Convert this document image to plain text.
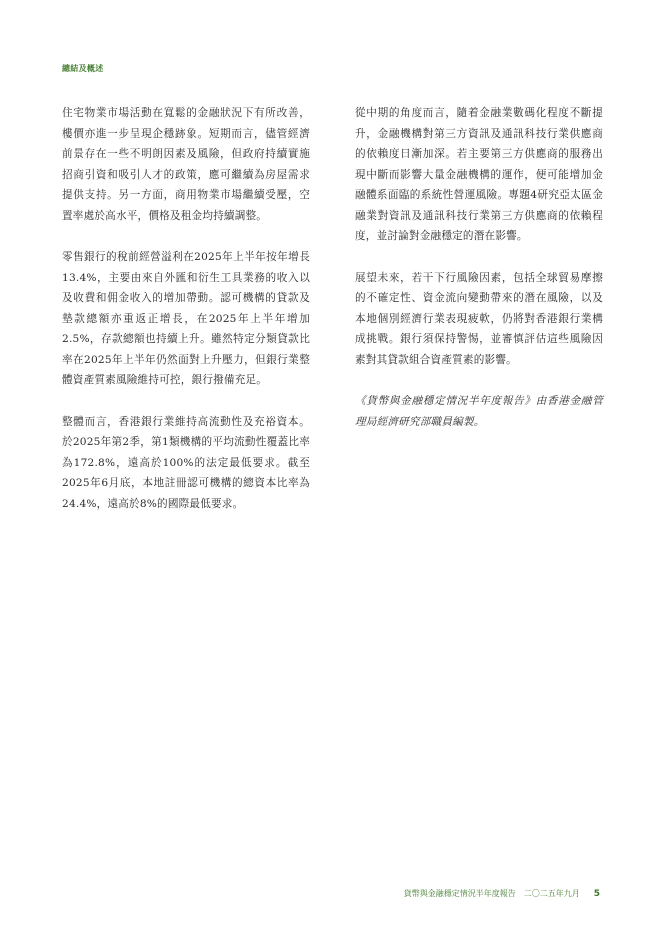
總結及概述

住宅物業市場活動在寬鬆的金融狀況下有所改善，樓價亦進一步呈現企穩跡象。短期而言，儘管經濟前景存在一些不明朗因素及風險，但政府持續實施招商引資和吸引人才的政策，應可繼續為房屋需求提供支持。另一方面，商用物業市場繼續受壓，空置率處於高水平，價格及租金均持續調整。

零售銀行的稅前經營溢利在2025年上半年按年增長13.4%，主要由來自外匯和衍生工具業務的收入以及收費和佣金收入的增加帶動。認可機構的貸款及墊款總額亦重返正增長，在2025年上半年增加2.5%，存款總額也持續上升。雖然特定分類貸款比率在2025年上半年仍然面對上升壓力，但銀行業整體資產質素風險維持可控，銀行撥備充足。

整體而言，香港銀行業維持高流動性及充裕資本。於2025年第2季，第1類機構的平均流動性覆蓋比率為172.8%，遠高於100%的法定最低要求。截至2025年6月底，本地註冊認可機構的總資本比率為24.4%，遠高於8%的國際最低要求。

從中期的角度而言，隨着金融業數碼化程度不斷提升，金融機構對第三方資訊及通訊科技行業供應商的依賴度日漸加深。若主要第三方供應商的服務出現中斷而影響大量金融機構的運作，便可能增加金融體系面臨的系統性營運風險。專題4研究亞太區金融業對資訊及通訊科技行業第三方供應商的依賴程度，並討論對金融穩定的潛在影響。

展望未來，若干下行風險因素，包括全球貿易摩擦的不確定性、資金流向變動帶來的潛在風險，以及本地個別經濟行業表現疲軟，仍將對香港銀行業構成挑戰。銀行須保持警惕，並審慎評估這些風險因素對其貸款組合資產質素的影響。

《貨幣與金融穩定情況半年度報告》由香港金融管理局經濟研究部職員編製。

貨幣與金融穩定情況半年度報告 二〇二五年九月 5
